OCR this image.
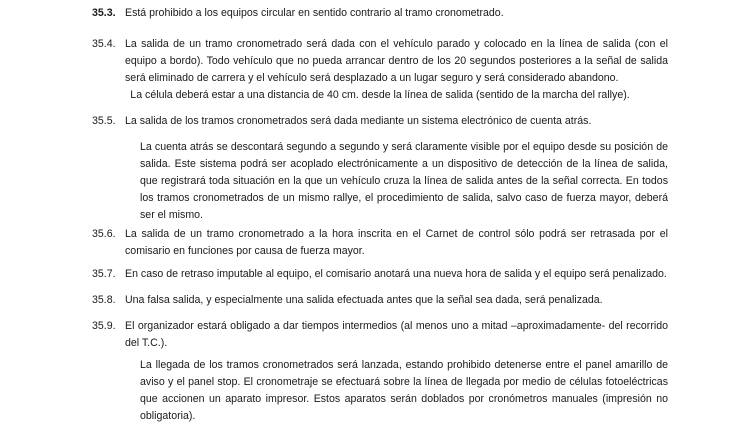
35.3. Está prohibido a los equipos circular en sentido contrario al tramo cronometrado.
35.4. La salida de un tramo cronometrado será dada con el vehículo parado y colocado en la línea de salida (con el equipo a bordo). Todo vehículo que no pueda arrancar dentro de los 20 segundos posteriores a la señal de salida será eliminado de carrera y el vehículo será desplazado a un lugar seguro y será considerado abandono.
La célula deberá estar a una distancia de 40 cm. desde la línea de salida (sentido de la marcha del rallye).
35.5. La salida de los tramos cronometrados será dada mediante un sistema electrónico de cuenta atrás.
La cuenta atrás se descontará segundo a segundo y será claramente visible por el equipo desde su posición de salida. Este sistema podrá ser acoplado electrónicamente a un dispositivo de detección de la línea de salida, que registrará toda situación en la que un vehículo cruza la línea de salida antes de la señal correcta. En todos los tramos cronometrados de un mismo rallye, el procedimiento de salida, salvo caso de fuerza mayor, deberá ser el mismo.
35.6. La salida de un tramo cronometrado a la hora inscrita en el Carnet de control sólo podrá ser retrasada por el comisario en funciones por causa de fuerza mayor.
35.7. En caso de retraso imputable al equipo, el comisario anotará una nueva hora de salida y el equipo será penalizado.
35.8. Una falsa salida, y especialmente una salida efectuada antes que la señal sea dada, será penalizada.
35.9. El organizador estará obligado a dar tiempos intermedios (al menos uno a mitad –aproximadamente- del recorrido del T.C.).
La llegada de los tramos cronometrados será lanzada, estando prohibido detenerse entre el panel amarillo de aviso y el panel stop. El cronometraje se efectuará sobre la línea de llegada por medio de células fotoeléctricas que accionen un aparato impresor. Estos aparatos serán doblados por cronómetros manuales (impresión no obligatoria).
